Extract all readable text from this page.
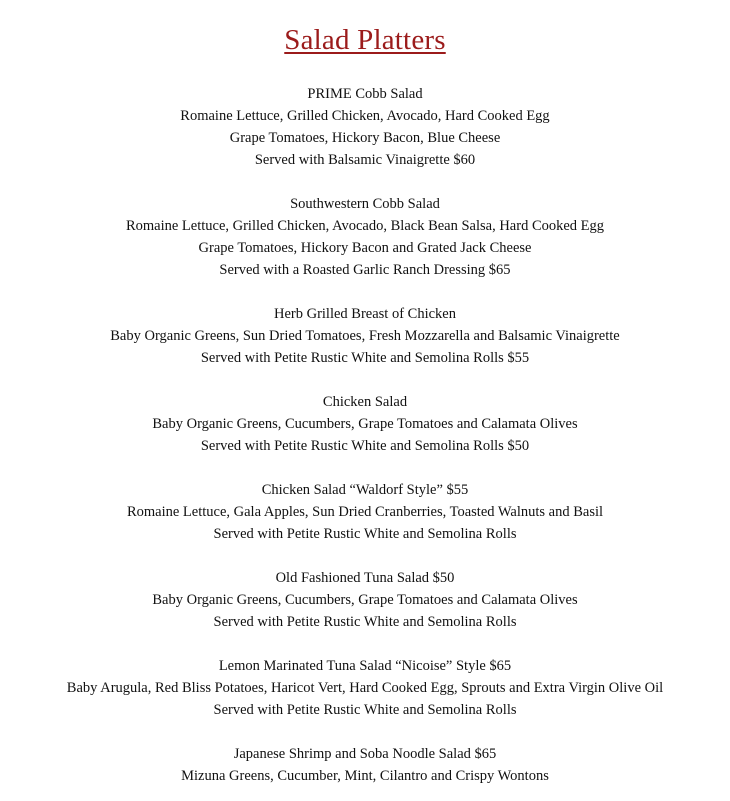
Salad Platters
PRIME Cobb Salad
Romaine Lettuce, Grilled Chicken, Avocado, Hard Cooked Egg
Grape Tomatoes, Hickory Bacon, Blue Cheese
Served with Balsamic Vinaigrette $60
Southwestern Cobb Salad
Romaine Lettuce, Grilled Chicken, Avocado, Black Bean Salsa, Hard Cooked Egg
Grape Tomatoes, Hickory Bacon and Grated Jack Cheese
Served with a Roasted Garlic Ranch Dressing $65
Herb Grilled Breast of Chicken
Baby Organic Greens, Sun Dried Tomatoes, Fresh Mozzarella and Balsamic Vinaigrette
Served with Petite Rustic White and Semolina Rolls $55
Chicken Salad
Baby Organic Greens, Cucumbers, Grape Tomatoes and Calamata Olives
Served with Petite Rustic White and Semolina Rolls $50
Chicken Salad “Waldorf Style” $55
Romaine Lettuce, Gala Apples, Sun Dried Cranberries, Toasted Walnuts and Basil
Served with Petite Rustic White and Semolina Rolls
Old Fashioned Tuna Salad $50
Baby Organic Greens, Cucumbers, Grape Tomatoes and Calamata Olives
Served with Petite Rustic White and Semolina Rolls
Lemon Marinated Tuna Salad “Nicoise” Style $65
Baby Arugula, Red Bliss Potatoes, Haricot Vert, Hard Cooked Egg, Sprouts and Extra Virgin Olive Oil
Served with Petite Rustic White and Semolina Rolls
Japanese Shrimp and Soba Noodle Salad $65
Mizuna Greens, Cucumber, Mint, Cilantro and Crispy Wontons
